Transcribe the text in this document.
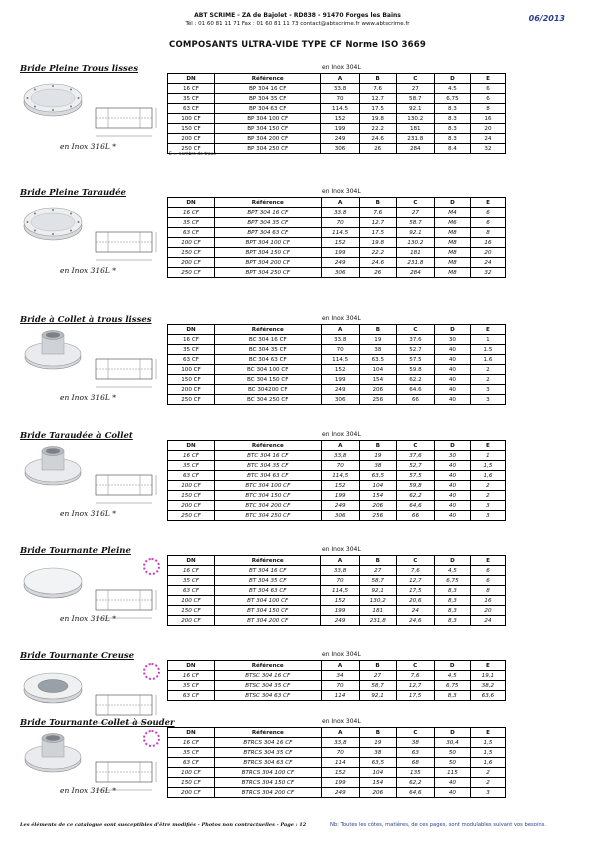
ABT SCRIME - ZA de Bajolet - RD838 - 91470 Forges les Bains
Tél : 01 60 81 11 71 Fax : 01 60 81 11 73 contact@abtscrime.fr www.abtscrime.fr
06/2013
COMPOSANTS ULTRA-VIDE TYPE CF Norme ISO 3669
Bride Pleine Trous lisses	en Inox 304L
DN	Référence	A	B	C	D	E
16 CF	BP 304 16 CF	33.8	7.6	27	4.5	6
35 CF	BP 304 35 CF	70	12.7	58.7	6.75	6
63 CF	BP 304 63 CF	114.5	17.5	92.1	8.3	8
100 CF	BP 304 100 CF	152	19.8	130.2	8.3	16
150 CF	BP 304 150 CF	199	22.2	181	8.3	20
200 CF	BP 304 200 CF	249	24.6	231.8	8.3	24
250 CF	BP 304 250 CF	306	26	284	8.4	32
E = nombre de trous
en Inox 316L *
Bride Pleine Taraudée	en Inox 304L
DN	Référence	A	B	C	D	E
16 CF	BPT 304 16 CF	33.8	7.6	27	M4	6
35 CF	BPT 304 35 CF	70	12.7	58.7	M6	6
63 CF	BPT 304 63 CF	114.5	17.5	92.1	M8	8
100 CF	BPT 304 100 CF	152	19.8	130.2	M8	16
150 CF	BPT 304 150 CF	199	22.2	181	M8	20
200 CF	BPT 304 200 CF	249	24.6	231.8	M8	24
250 CF	BPT 304 250 CF	306	26	284	M8	32
en Inox 316L *
Bride à Collet à trous lisses	en Inox 304L
DN	Référence	A	B	C	D	E
16 CF	BC 304 16 CF	33.8	19	37.6	30	1
35 CF	BC 304 35 CF	70	38	52.7	40	1.5
63 CF	BC 304 63 CF	114.5	63.5	57.5	40	1.6
100 CF	BC 304 100 CF	152	104	59.8	40	2
150 CF	BC 304 150 CF	199	154	62.2	40	2
200 CF	BC 304200 CF	249	206	64.6	40	3
250 CF	BC 304 250 CF	306	256	66	40	3
en Inox 316L *
Bride Taraudée à Collet	en Inox 304L
DN	Référence	A	B	C	D	E
16 CF	BTC 304 16 CF	33,8	19	37,6	30	1
35 CF	BTC 304 35 CF	70	38	52,7	40	1,5
63 CF	BTC 304 63 CF	114,5	63,5	57,5	40	1,6
100 CF	BTC 304 100 CF	152	104	59,8	40	2
150 CF	BTC 304 150 CF	199	154	62,2	40	2
200 CF	BTC 304 200 CF	249	206	64,6	40	3
250 CF	BTC 304 250 CF	306	256	66	40	3
en Inox 316L *
Bride Tournante Pleine	en Inox 304L
DN	Référence	A	B	C	D	E
16 CF	BT 304 16 CF	33,8	27	7,6	4,5	6
35 CF	BT 304 35 CF	70	58,7	12,7	6,75	6
63 CF	BT 304 63 CF	114,5	92,1	17,5	8,3	8
100 CF	BT 304 100 CF	152	130,2	20,6	8,3	16
150 CF	BT 304 150 CF	199	181	24	8,3	20
200 CF	BT 304 200 CF	249	231,8	24,6	8,3	24
en Inox 316L *
Bride Tournante Creuse	en Inox 304L
DN	Référence	A	B	C	D	E
16 CF	BTSC 304 16 CF	34	27	7,6	4,5	19,1
35 CF	BTSC 304 35 CF	70	58,7	12,7	6,75	38,2
63 CF	BTSC 304 63 CF	114	92,1	17,5	8,3	63,6
Bride Tournante Collet à Souder	en Inox 304L
DN	Référence	A	B	C	D	E
16 CF	BTRCS 304 16 CF	33,8	19	38	30,4	1,5
35 CF	BTRCS 304 35 CF	70	38	63	50	1,5
63 CF	BTRCS 304 63 CF	114	63,5	68	50	1,6
100 CF	BTRCS 304 100 CF	152	104	135	115	2
150 CF	BTRCS 304 150 CF	199	154	62,2	40	2
200 CF	BTRCS 304 200 CF	249	206	64,6	40	3
en Inox 316L *
Les éléments de ce catalogue sont susceptibles d'être modifiés - Photos non contractuelles - Page : 12	Nb: Toutes les côtes, matières, de ces pages, sont modulables suivant vos besoins.
